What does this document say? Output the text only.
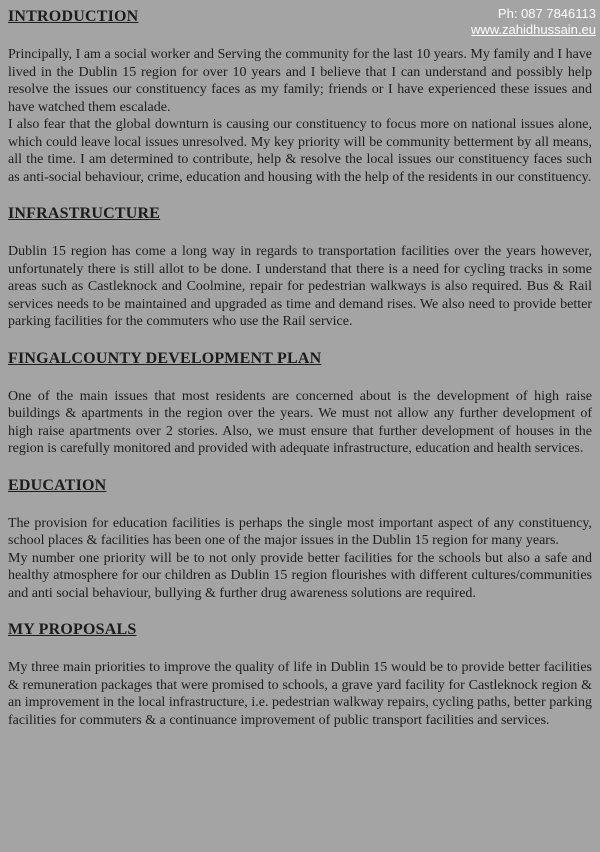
Ph: 087 7846113
www.zahidhussain.eu
INTRODUCTION

Principally, I am a social worker and Serving the community for the last 10 years. My family and I have lived in the Dublin 15 region for over 10 years and I believe that I can understand and possibly help resolve the issues our constituency faces as my family; friends or I have experienced these issues and have watched them escalade.

I also fear that the global downturn is causing our constituency to focus more on national issues alone, which could leave local issues unresolved. My key priority will be community betterment by all means, all the time. I am determined to contribute, help & resolve the local issues our constituency faces such as anti-social behaviour, crime, education and housing with the help of the residents in our constituency.

INFRASTRUCTURE

Dublin 15 region has come a long way in regards to transportation facilities over the years however, unfortunately there is still allot to be done. I understand that there is a need for cycling tracks in some areas such as Castleknock and Coolmine, repair for pedestrian walkways is also required. Bus & Rail services needs to be maintained and upgraded as time and demand rises. We also need to provide better parking facilities for the commuters who use the Rail service.

FINGALCOUNTY DEVELOPMENT PLAN

One of the main issues that most residents are concerned about is the development of high raise buildings & apartments in the region over the years. We must not allow any further development of high raise apartments over 2 stories. Also, we must ensure that further development of houses in the region is carefully monitored and provided with adequate infrastructure, education and health services.

EDUCATION

The provision for education facilities is perhaps the single most important aspect of any constituency, school places & facilities has been one of the major issues in the Dublin 15 region for many years.

My number one priority will be to not only provide better facilities for the schools but also a safe and healthy atmosphere for our children as Dublin 15 region flourishes with different cultures/communities and anti social behaviour, bullying & further drug awareness solutions are required.

MY PROPOSALS

My three main priorities to improve the quality of life in Dublin 15 would be to provide better facilities & remuneration packages that were promised to schools, a grave yard facility for Castleknock region & an improvement in the local infrastructure, i.e. pedestrian walkway repairs, cycling paths, better parking facilities for commuters & a continuance improvement of public transport facilities and services.
